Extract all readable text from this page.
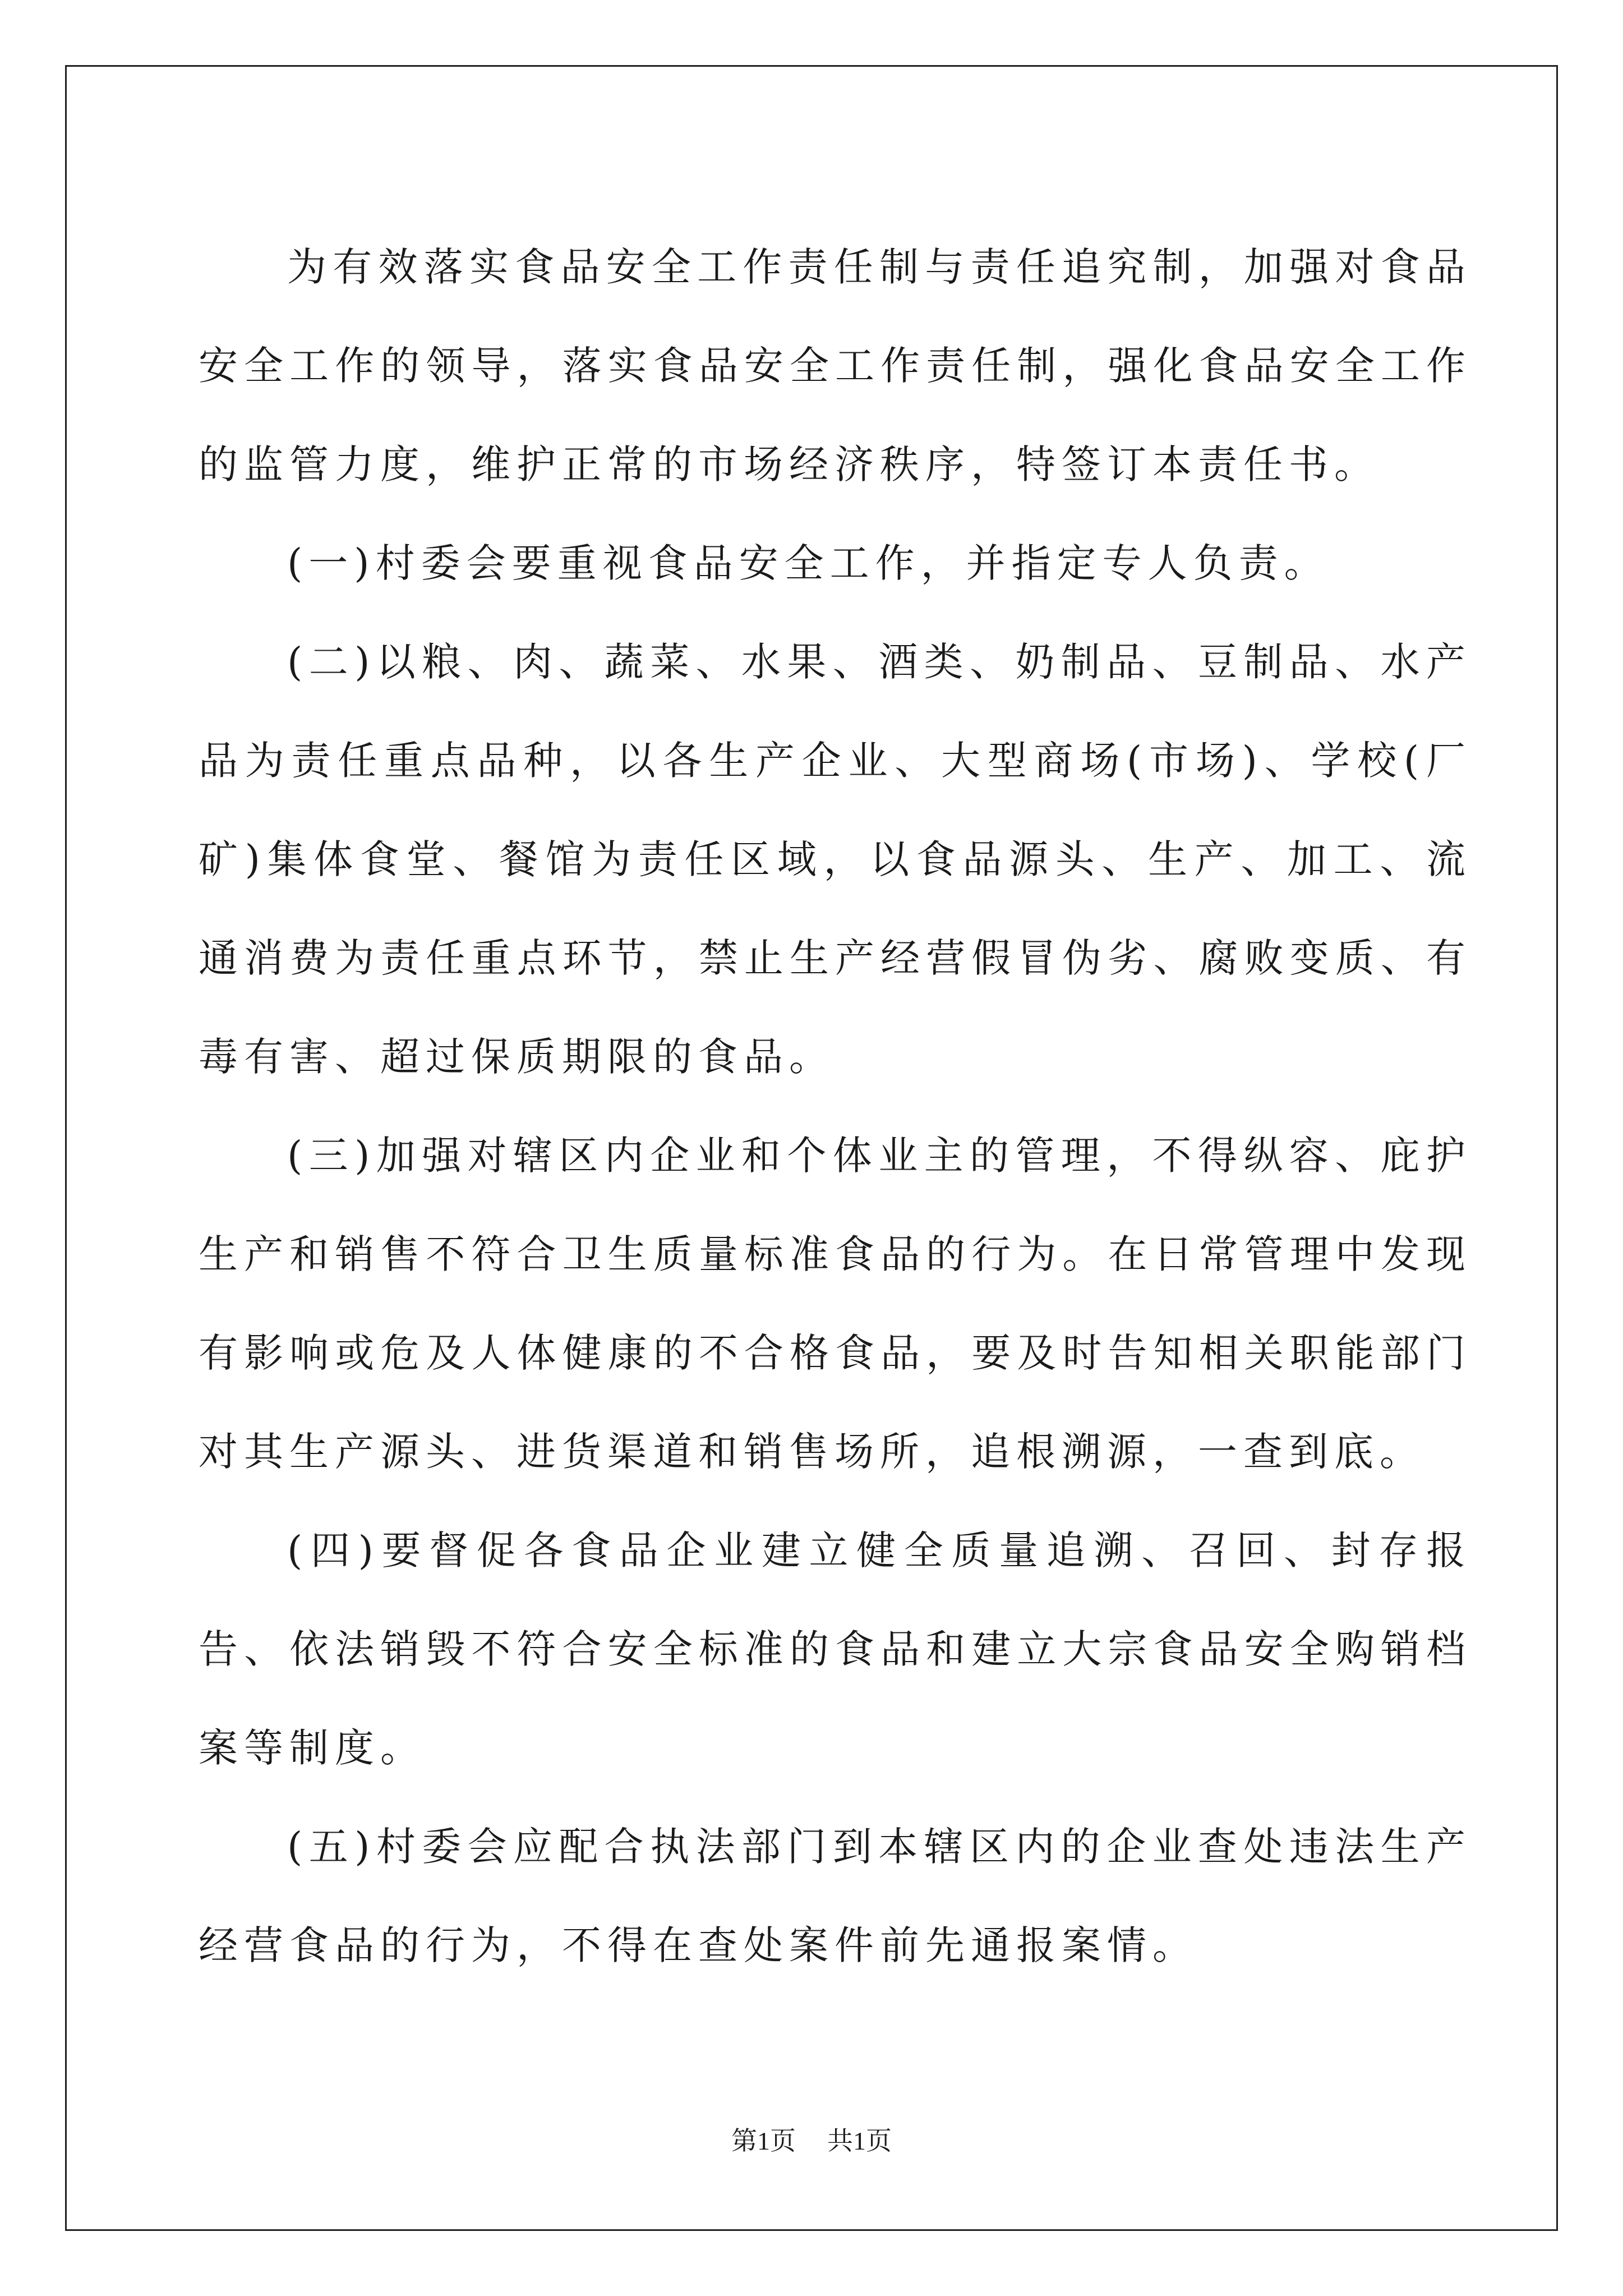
为有效落实食品安全工作责任制与责任追究制，加强对食品安全工作的领导，落实食品安全工作责任制，强化食品安全工作的监管力度，维护正常的市场经济秩序，特签订本责任书。

(一)村委会要重视食品安全工作，并指定专人负责。

(二)以粮、肉、蔬菜、水果、酒类、奶制品、豆制品、水产品为责任重点品种，以各生产企业、大型商场(市场)、学校(厂矿)集体食堂、餐馆为责任区域，以食品源头、生产、加工、流通消费为责任重点环节，禁止生产经营假冒伪劣、腐败变质、有毒有害、超过保质期限的食品。

(三)加强对辖区内企业和个体业主的管理，不得纵容、庇护生产和销售不符合卫生质量标准食品的行为。在日常管理中发现有影响或危及人体健康的不合格食品，要及时告知相关职能部门对其生产源头、进货渠道和销售场所，追根溯源，一查到底。

(四)要督促各食品企业建立健全质量追溯、召回、封存报告、依法销毁不符合安全标准的食品和建立大宗食品安全购销档案等制度。

(五)村委会应配合执法部门到本辖区内的企业查处违法生产经营食品的行为，不得在查处案件前先通报案情。

第1页 共1页
